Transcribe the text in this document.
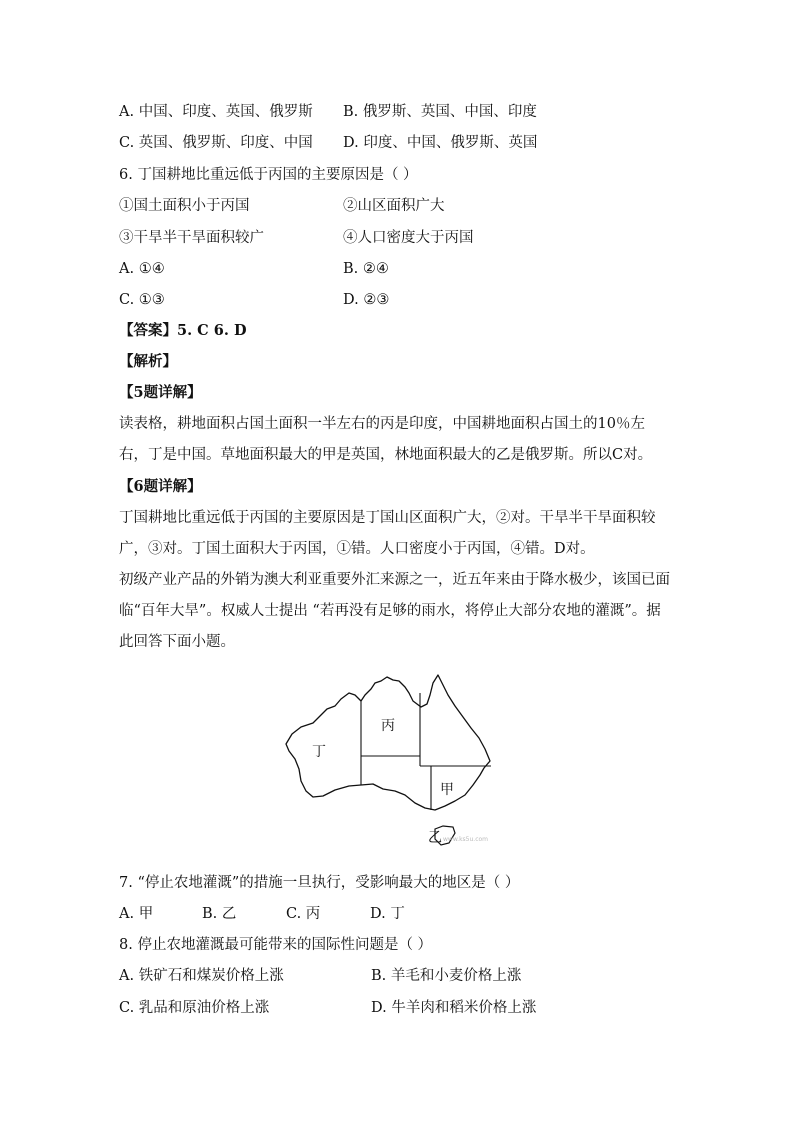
A. 中国、印度、英国、俄罗斯 B. 俄罗斯、英国、中国、印度
C. 英国、俄罗斯、印度、中国 D. 印度、中国、俄罗斯、英国
6. 丁国耕地比重远低于丙国的主要原因是（ ）
①国土面积小于丙国	②山区面积广大
③干旱半干旱面积较广	④人口密度大于丙国
A. ①④	B. ②④
C. ①③	D. ②③
【答案】5. C 6. D
【解析】
【5题详解】
读表格，耕地面积占国土面积一半左右的丙是印度，中国耕地面积占国土的10％左右，丁是中国。草地面积最大的甲是英国，林地面积最大的乙是俄罗斯。所以C对。
【6题详解】
丁国耕地比重远低于丙国的主要原因是丁国山区面积广大，②对。干旱半干旱面积较广，③对。丁国土面积大于丙国，①错。人口密度小于丙国，④错。D对。
初级产业产品的外销为澳大利亚重要外汇来源之一，近五年来由于降水极少，该国已面临“百年大旱”。权威人士提出 “若再没有足够的雨水，将停止大部分农地的灌溉”。据此回答下面小题。
丙
丁
甲
乙 www.ks5u.com
7. “停止农地灌溉”的措施一旦执行，受影响最大的地区是（ ）
A. 甲	B. 乙	C. 丙	D. 丁
8. 停止农地灌溉最可能带来的国际性问题是（ ）
A. 铁矿石和煤炭价格上涨	B. 羊毛和小麦价格上涨
C. 乳品和原油价格上涨	D. 牛羊肉和稻米价格上涨
